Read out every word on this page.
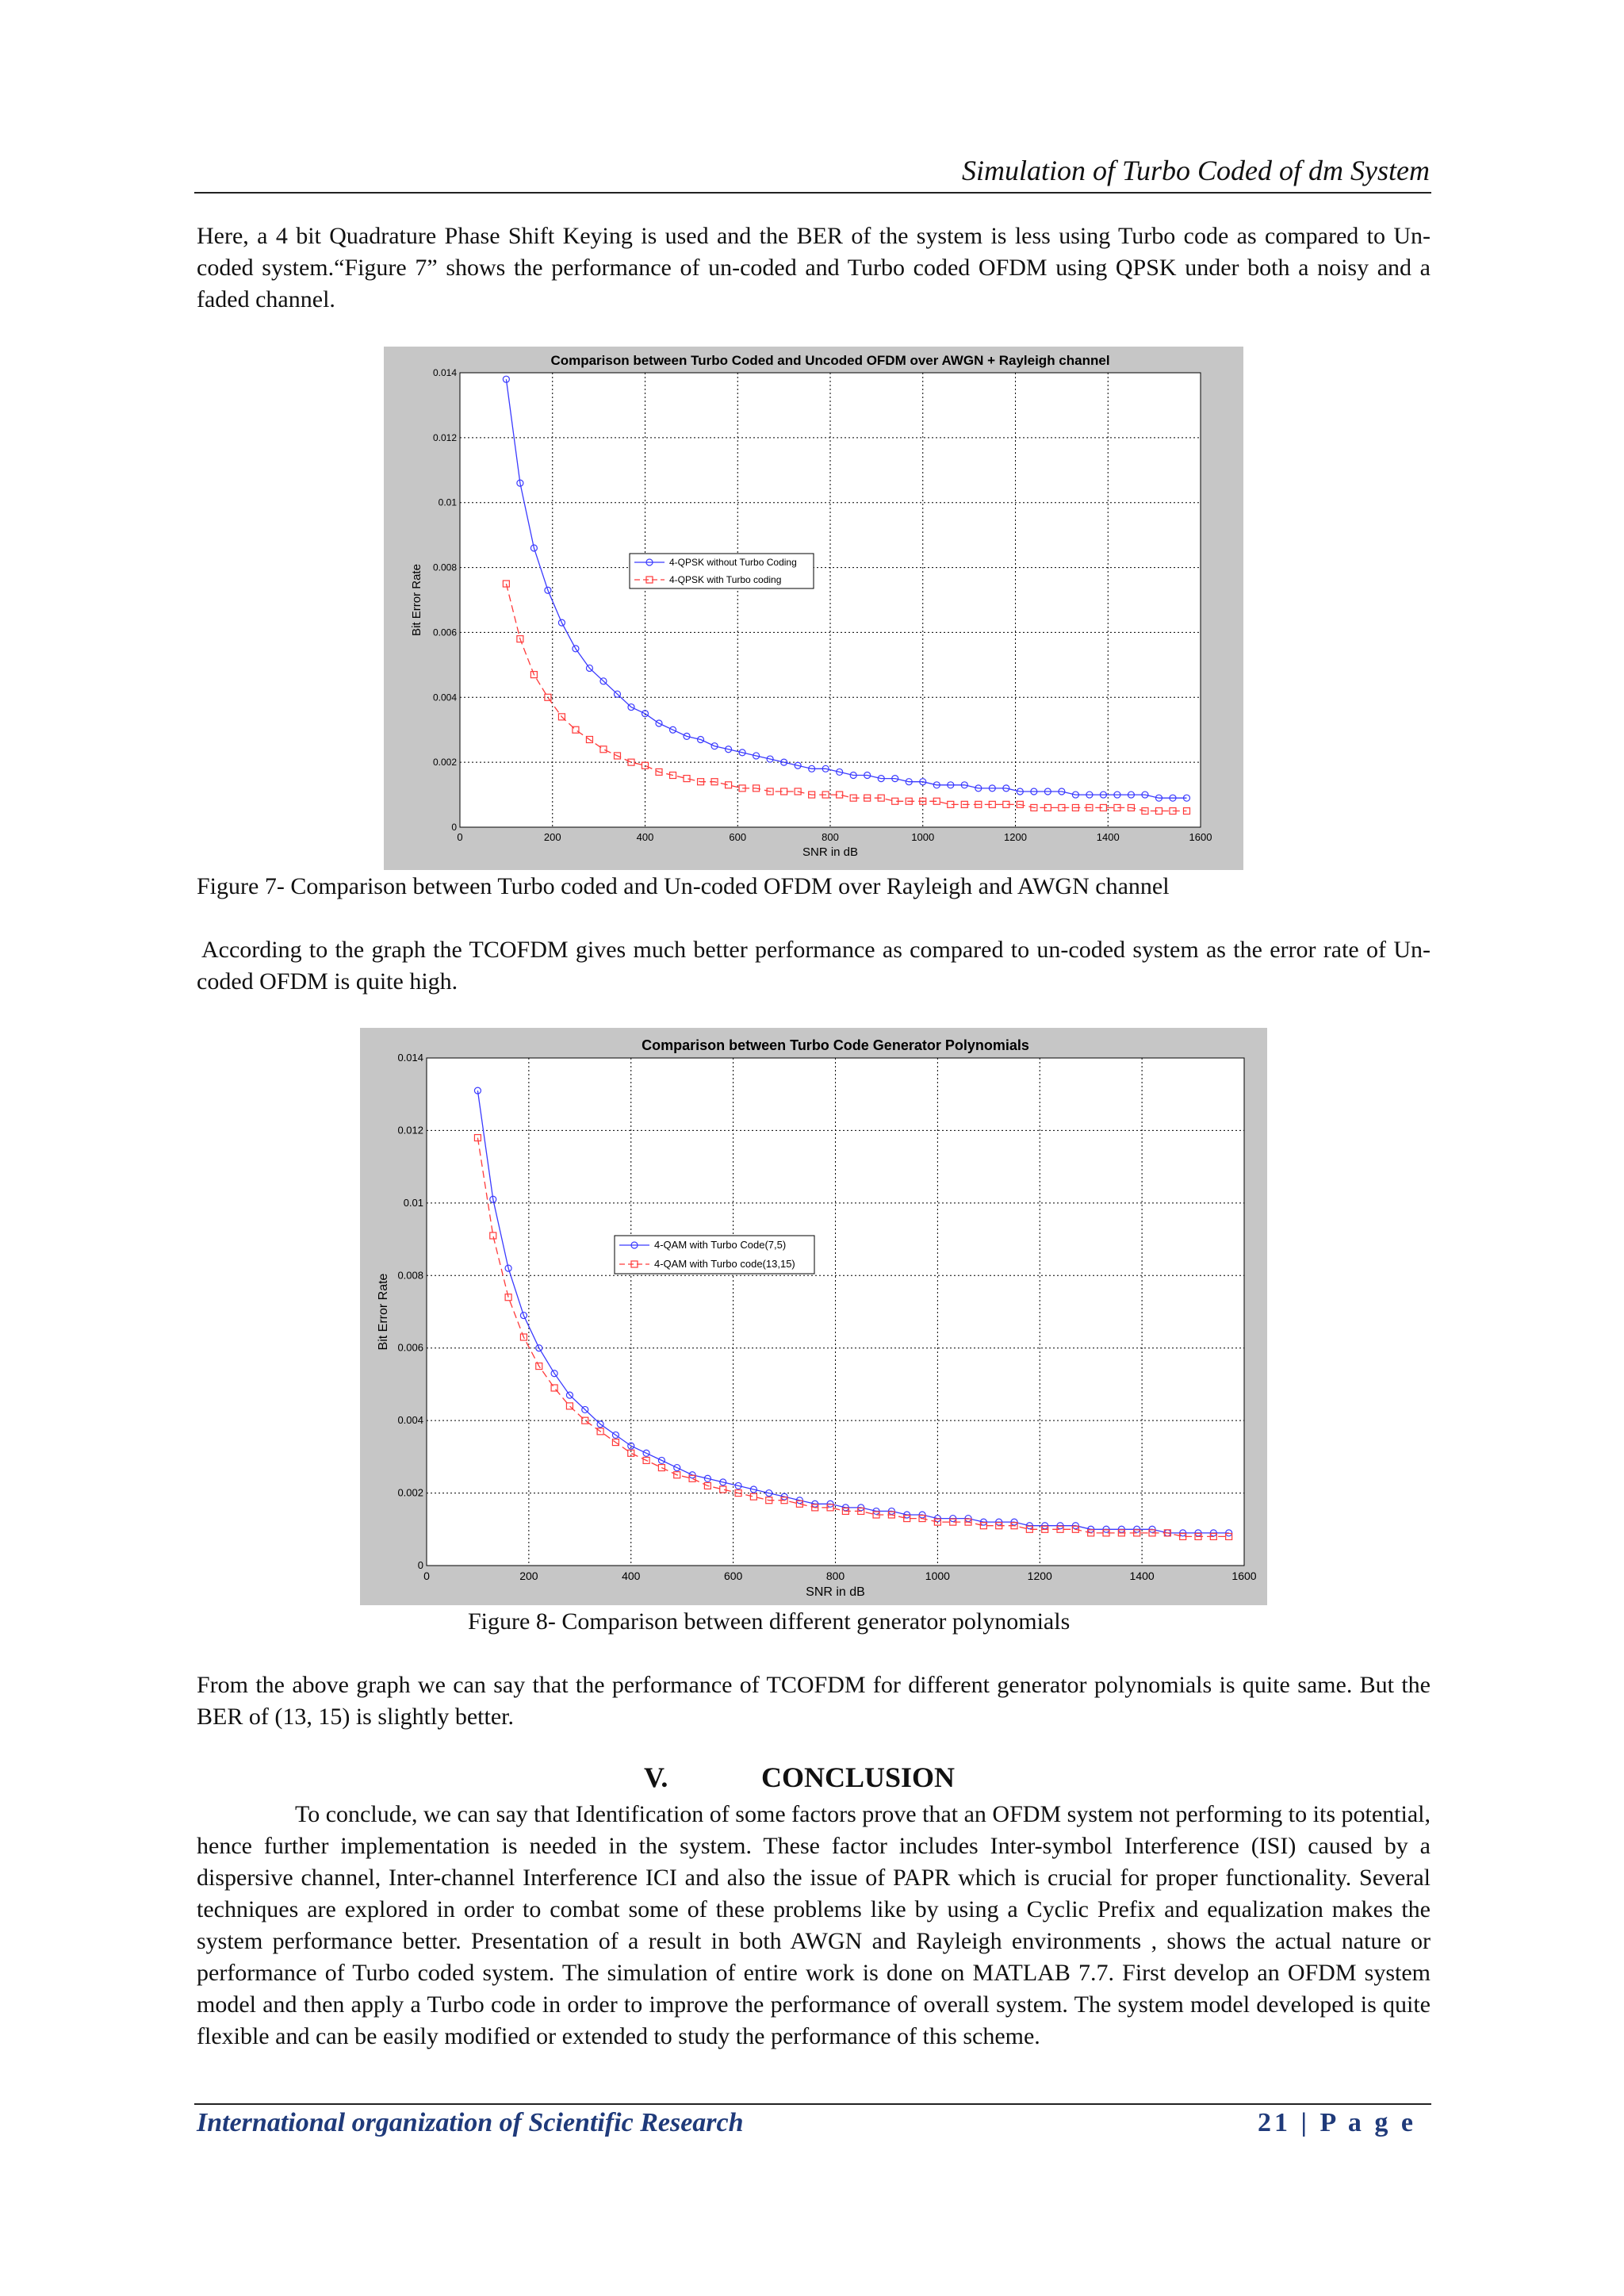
Simulation of Turbo Coded of dm System

Here, a 4 bit Quadrature Phase Shift Keying is used and the BER of the system is less using Turbo code as compared to Un-coded system.“Figure 7” shows the performance of un-coded and Turbo coded OFDM using QPSK under both a noisy and a faded channel.

0	200	400	600	800	1000	1200	1400	1600
0
0.002
0.004
0.006
0.008
0.01
0.012
0.014
Comparison between Turbo Coded and Uncoded OFDM over AWGN + Rayleigh channel
SNR in dB
Bit Error Rate
4-QPSK without Turbo Coding
4-QPSK with Turbo coding
Figure 7- Comparison between Turbo coded and Un-coded OFDM over Rayleigh and AWGN channel

According to the graph the TCOFDM gives much better performance as compared to un-coded system as the error rate of Un-coded OFDM is quite high.

0	200	400	600	800	1000	1200	1400	1600
0
0.002
0.004
0.006
0.008
0.01
0.012
0.014
Comparison between Turbo Code Generator Polynomials
SNR in dB
Bit Error Rate
4-QAM with Turbo Code(7,5)
4-QAM with Turbo code(13,15)
Figure 8- Comparison between different generator polynomials

From the above graph we can say that the performance of TCOFDM for different generator polynomials is quite same. But the BER of (13, 15) is slightly better.

V.	CONCLUSION

To conclude, we can say that Identification of some factors prove that an OFDM system not performing to its potential, hence further implementation is needed in the system. These factor includes Inter-symbol Interference (ISI) caused by a dispersive channel, Inter-channel Interference ICI and also the issue of PAPR which is crucial for proper functionality. Several techniques are explored in order to combat some of these problems like by using a Cyclic Prefix and equalization makes the system performance better. Presentation of a result in both AWGN and Rayleigh environments , shows the actual nature or performance of Turbo coded system. The simulation of entire work is done on MATLAB 7.7. First develop an OFDM system model and then apply a Turbo code in order to improve the performance of overall system. The system model developed is quite flexible and can be easily modified or extended to study the performance of this scheme.

International organization of Scientific Research	21 | P a g e
